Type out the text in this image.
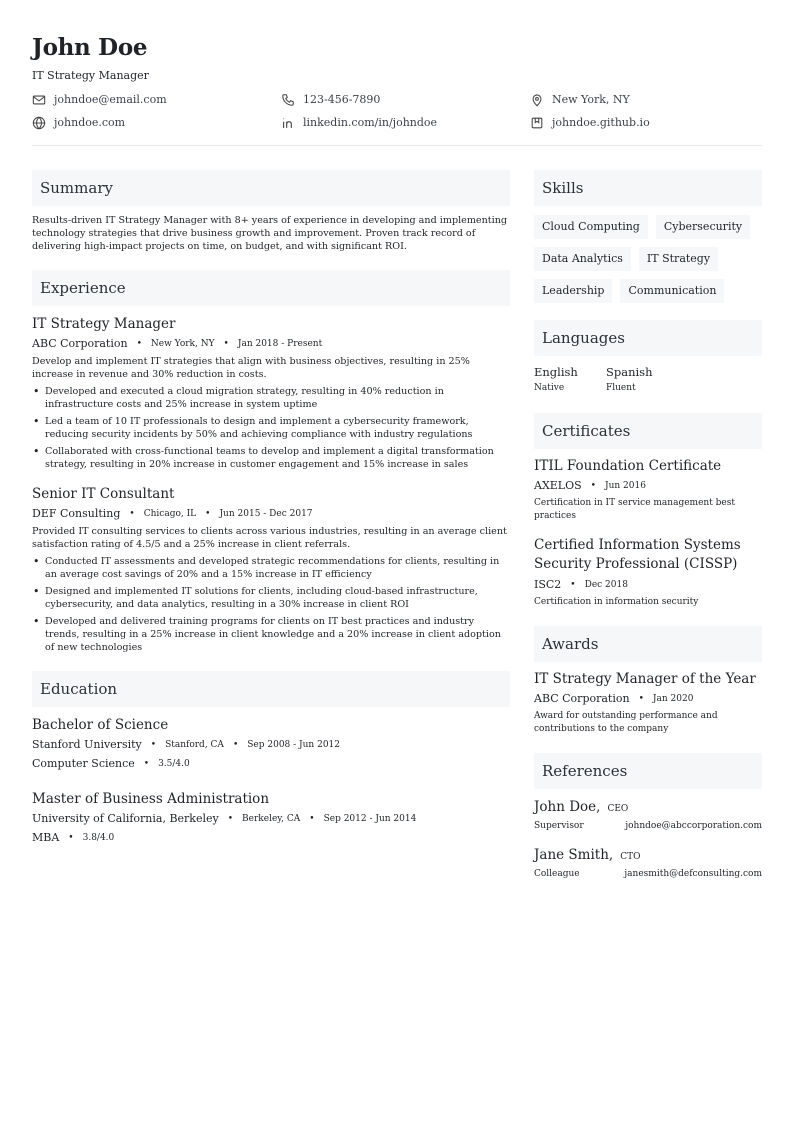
John Doe
IT Strategy Manager
johndoe@email.com	123-456-7890	New York, NY
johndoe.com	linkedin.com/in/johndoe	johndoe.github.io
Summary
Results-driven IT Strategy Manager with 8+ years of experience in developing and implementing technology strategies that drive business growth and improvement. Proven track record of delivering high-impact projects on time, on budget, and with significant ROI.
Experience
IT Strategy Manager
ABC Corporation • New York, NY • Jan 2018 - Present
Develop and implement IT strategies that align with business objectives, resulting in 25% increase in revenue and 30% reduction in costs.
• Developed and executed a cloud migration strategy, resulting in 40% reduction in infrastructure costs and 25% increase in system uptime
• Led a team of 10 IT professionals to design and implement a cybersecurity framework, reducing security incidents by 50% and achieving compliance with industry regulations
• Collaborated with cross-functional teams to develop and implement a digital transformation strategy, resulting in 20% increase in customer engagement and 15% increase in sales
Senior IT Consultant
DEF Consulting • Chicago, IL • Jun 2015 - Dec 2017
Provided IT consulting services to clients across various industries, resulting in an average client satisfaction rating of 4.5/5 and a 25% increase in client referrals.
• Conducted IT assessments and developed strategic recommendations for clients, resulting in an average cost savings of 20% and a 15% increase in IT efficiency
• Designed and implemented IT solutions for clients, including cloud-based infrastructure, cybersecurity, and data analytics, resulting in a 30% increase in client ROI
• Developed and delivered training programs for clients on IT best practices and industry trends, resulting in a 25% increase in client knowledge and a 20% increase in client adoption of new technologies
Education
Bachelor of Science
Stanford University • Stanford, CA • Sep 2008 - Jun 2012
Computer Science • 3.5/4.0
Master of Business Administration
University of California, Berkeley • Berkeley, CA • Sep 2012 - Jun 2014
MBA • 3.8/4.0
Skills
Cloud Computing	Cybersecurity
Data Analytics	IT Strategy
Leadership	Communication
Languages
English
Native
Spanish
Fluent
Certificates
ITIL Foundation Certificate
AXELOS • Jun 2016
Certification in IT service management best practices
Certified Information Systems Security Professional (CISSP)
ISC2 • Dec 2018
Certification in information security
Awards
IT Strategy Manager of the Year
ABC Corporation • Jan 2020
Award for outstanding performance and contributions to the company
References
John Doe, CEO
Supervisor	johndoe@abccorporation.com
Jane Smith, CTO
Colleague	janesmith@defconsulting.com
